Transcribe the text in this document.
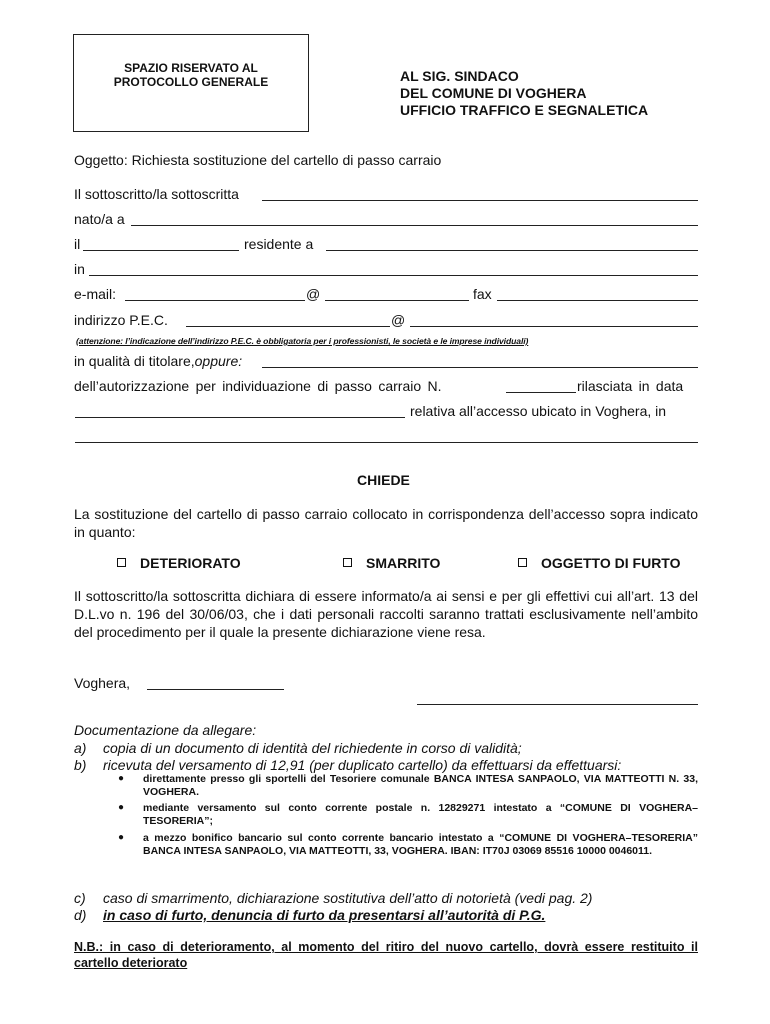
SPAZIO RISERVATO AL
PROTOCOLLO GENERALE	AL SIG. SINDACO
DEL COMUNE DI VOGHERA
UFFICIO TRAFFICO E SEGNALETICA
Oggetto: Richiesta sostituzione del cartello di passo carraio
Il sottoscritto/la sottoscritta
nato/a a
il	residente a
in
e-mail:	@	fax
indirizzo P.E.C.	@
(attenzione: l’indicazione dell’indirizzo P.E.C. è obbligatoria per i professionisti, le società e le imprese individuali)
in qualità di titolare,oppure:
dell’autorizzazione per individuazione di passo carraio N.	rilasciata in data
relativa all’accesso ubicato in Voghera, in
CHIEDE
La sostituzione del cartello di passo carraio collocato in corrispondenza dell’accesso sopra indicato in quanto:
DETERIORATO	SMARRITO	OGGETTO DI FURTO
Il sottoscritto/la sottoscritta dichiara di essere informato/a ai sensi e per gli effettivi cui all’art. 13 del D.L.vo n. 196 del 30/06/03, che i dati personali raccolti saranno trattati esclusivamente nell’ambito del procedimento per il quale la presente dichiarazione viene resa.
Voghera,
Documentazione da allegare:
a) copia di un documento di identità del richiedente in corso di validità;
b) ricevuta del versamento di 12,91 (per duplicato cartello) da effettuarsi da effettuarsi:
● direttamente presso gli sportelli del Tesoriere comunale BANCA INTESA SANPAOLO, VIA MATTEOTTI N. 33, VOGHERA.
● mediante versamento sul conto corrente postale n. 12829271 intestato a “COMUNE DI VOGHERA–TESORERIA”;
● a mezzo bonifico bancario sul conto corrente bancario intestato a “COMUNE DI VOGHERA–TESORERIA” BANCA INTESA SANPAOLO, VIA MATTEOTTI, 33, VOGHERA. IBAN: IT70J 03069 85516 10000 0046011.
c) caso di smarrimento, dichiarazione sostitutiva dell’atto di notorietà (vedi pag. 2)
d) in caso di furto, denuncia di furto da presentarsi all’autorità di P.G.
N.B.: in caso di deterioramento, al momento del ritiro del nuovo cartello, dovrà essere restituito il cartello deteriorato
